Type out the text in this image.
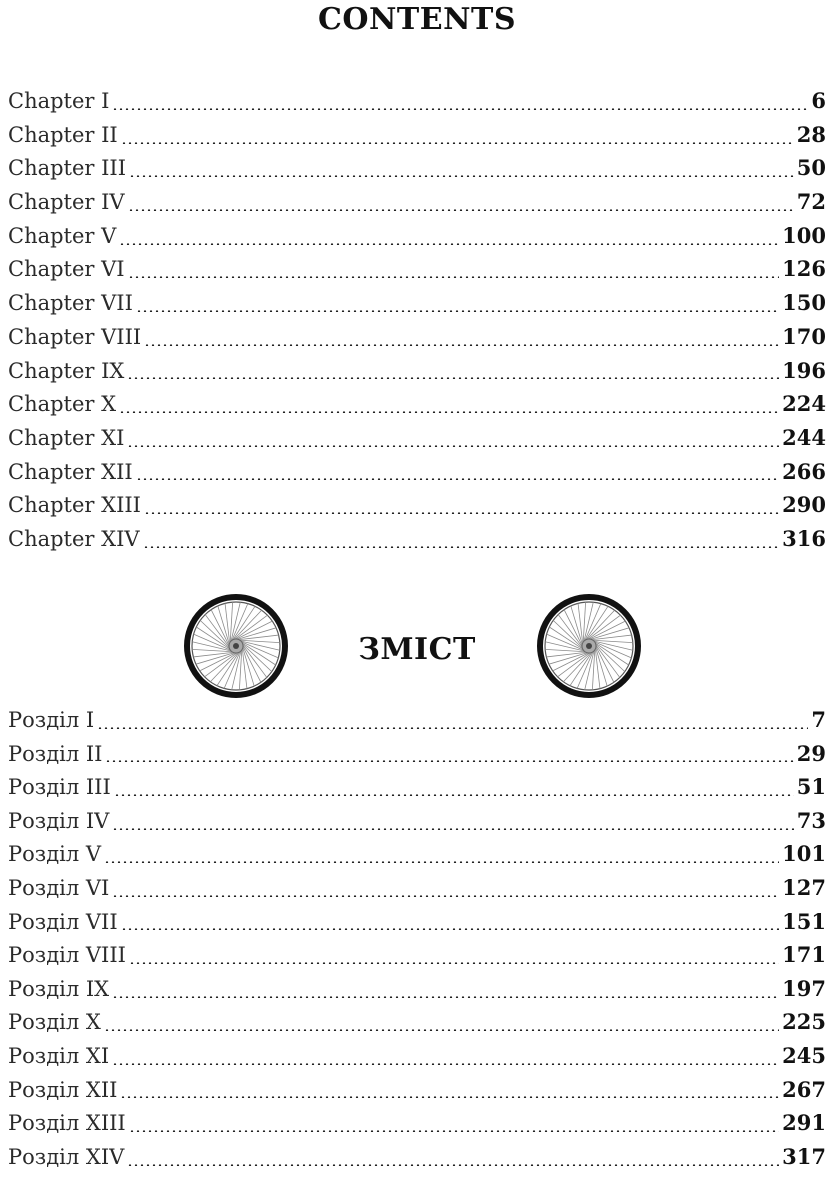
CONTENTS
Chapter I	6
Chapter II	28
Chapter III	50
Chapter IV	72
Chapter V	100
Chapter VI	126
Chapter VII	150
Chapter VIII	170
Chapter IX	196
Chapter X	224
Chapter XI	244
Chapter XII	266
Chapter XIII	290
Chapter XIV	316
ЗМІСТ
Розділ I	7
Розділ II	29
Розділ III	51
Розділ IV	73
Розділ V	101
Розділ VI	127
Розділ VII	151
Розділ VIII	171
Розділ IX	197
Розділ X	225
Розділ XI	245
Розділ XII	267
Розділ XIII	291
Розділ XIV	317
